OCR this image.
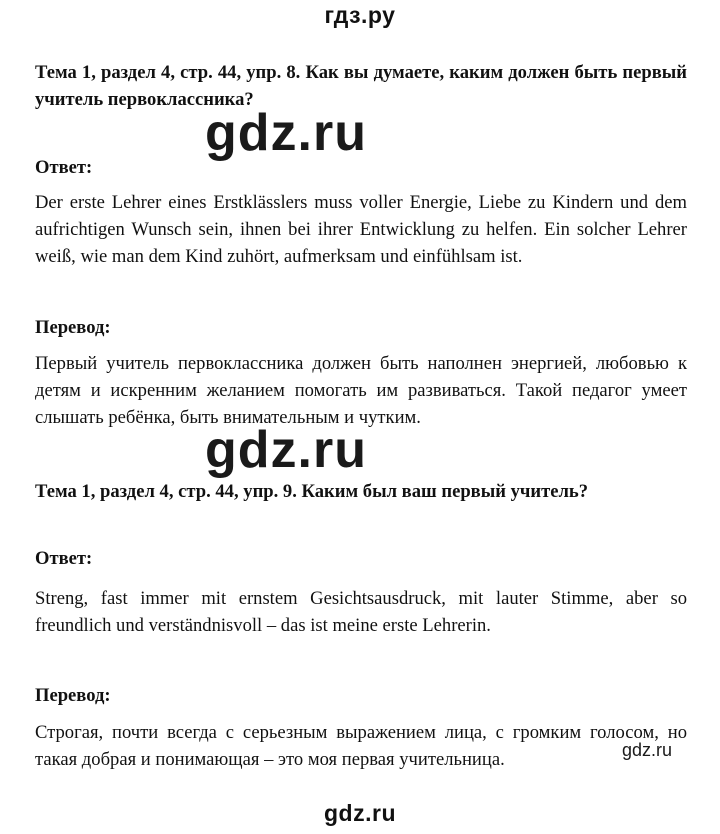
гдз.ру
Тема 1, раздел 4, стр. 44, упр. 8. Как вы думаете, каким должен быть первый учитель первоклассника?
gdz.ru
Ответ:
Der erste Lehrer eines Erstklässlers muss voller Energie, Liebe zu Kindern und dem aufrichtigen Wunsch sein, ihnen bei ihrer Entwicklung zu helfen. Ein solcher Lehrer weiß, wie man dem Kind zuhört, aufmerksam und einfühlsam ist.
Перевод:
Первый учитель первоклассника должен быть наполнен энергией, любовью к детям и искренним желанием помогать им развиваться. Такой педагог умеет слышать ребёнка, быть внимательным и чутким.
gdz.ru
Тема 1, раздел 4, стр. 44, упр. 9. Каким был ваш первый учитель?
Ответ:
Streng, fast immer mit ernstem Gesichtsausdruck, mit lauter Stimme, aber so freundlich und verständnisvoll – das ist meine erste Lehrerin.
Перевод:
Строгая, почти всегда с серьезным выражением лица, с громким голосом, но такая добрая и понимающая – это моя первая учительница.	gdz.ru
gdz.ru
